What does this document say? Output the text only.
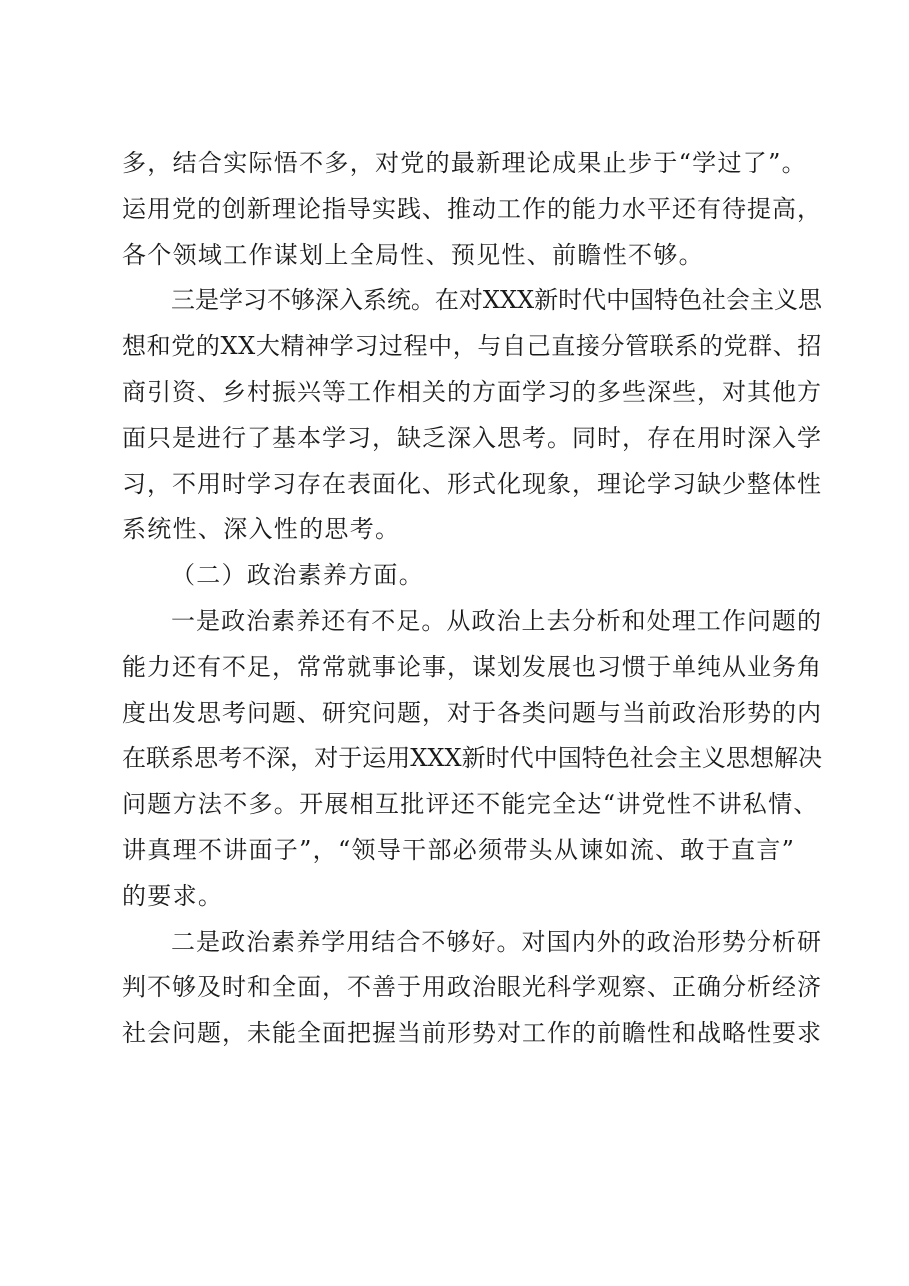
多，结合实际悟不多，对党的最新理论成果止步于“学过了”。
运用党的创新理论指导实践、推动工作的能力水平还有待提高，
各个领域工作谋划上全局性、预见性、前瞻性不够。
三是学习不够深入系统。在对XXX新时代中国特色社会主义思
想和党的XX大精神学习过程中，与自己直接分管联系的党群、招
商引资、乡村振兴等工作相关的方面学习的多些深些，对其他方
面只是进行了基本学习，缺乏深入思考。同时，存在用时深入学
习，不用时学习存在表面化、形式化现象，理论学习缺少整体性
系统性、深入性的思考。
（二）政治素养方面。
一是政治素养还有不足。从政治上去分析和处理工作问题的
能力还有不足，常常就事论事，谋划发展也习惯于单纯从业务角
度出发思考问题、研究问题，对于各类问题与当前政治形势的内
在联系思考不深，对于运用XXX新时代中国特色社会主义思想解决
问题方法不多。开展相互批评还不能完全达“讲党性不讲私情、
讲真理不讲面子”，“领导干部必须带头从谏如流、敢于直言”
的要求。
二是政治素养学用结合不够好。对国内外的政治形势分析研
判不够及时和全面，不善于用政治眼光科学观察、正确分析经济
社会问题，未能全面把握当前形势对工作的前瞻性和战略性要求
